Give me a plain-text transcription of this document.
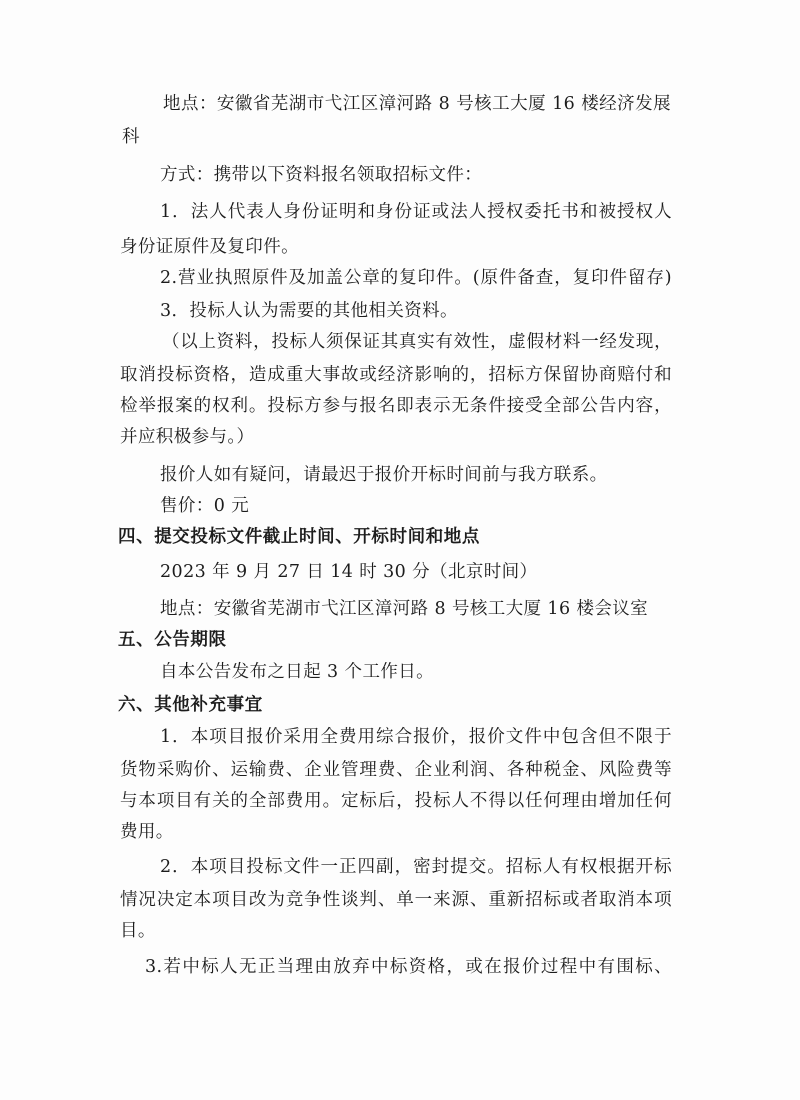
地点：安徽省芜湖市弋江区漳河路 8 号核工大厦 16 楼经济发展
科
方式：携带以下资料报名领取招标文件：
1．法人代表人身份证明和身份证或法人授权委托书和被授权人
身份证原件及复印件。
2.营业执照原件及加盖公章的复印件。(原件备查，复印件留存)
3．投标人认为需要的其他相关资料。
（以上资料，投标人须保证其真实有效性，虚假材料一经发现，
取消投标资格，造成重大事故或经济影响的，招标方保留协商赔付和
检举报案的权利。投标方参与报名即表示无条件接受全部公告内容，
并应积极参与。）
报价人如有疑问，请最迟于报价开标时间前与我方联系。
售价：0 元
四、提交投标文件截止时间、开标时间和地点
2023 年 9 月 27 日 14 时 30 分（北京时间）
地点：安徽省芜湖市弋江区漳河路 8 号核工大厦 16 楼会议室
五、公告期限
自本公告发布之日起 3 个工作日。
六、其他补充事宜
1．本项目报价采用全费用综合报价，报价文件中包含但不限于
货物采购价、运输费、企业管理费、企业利润、各种税金、风险费等
与本项目有关的全部费用。定标后，投标人不得以任何理由增加任何
费用。
2．本项目投标文件一正四副，密封提交。招标人有权根据开标
情况决定本项目改为竞争性谈判、单一来源、重新招标或者取消本项
目。
3.若中标人无正当理由放弃中标资格，或在报价过程中有围标、
